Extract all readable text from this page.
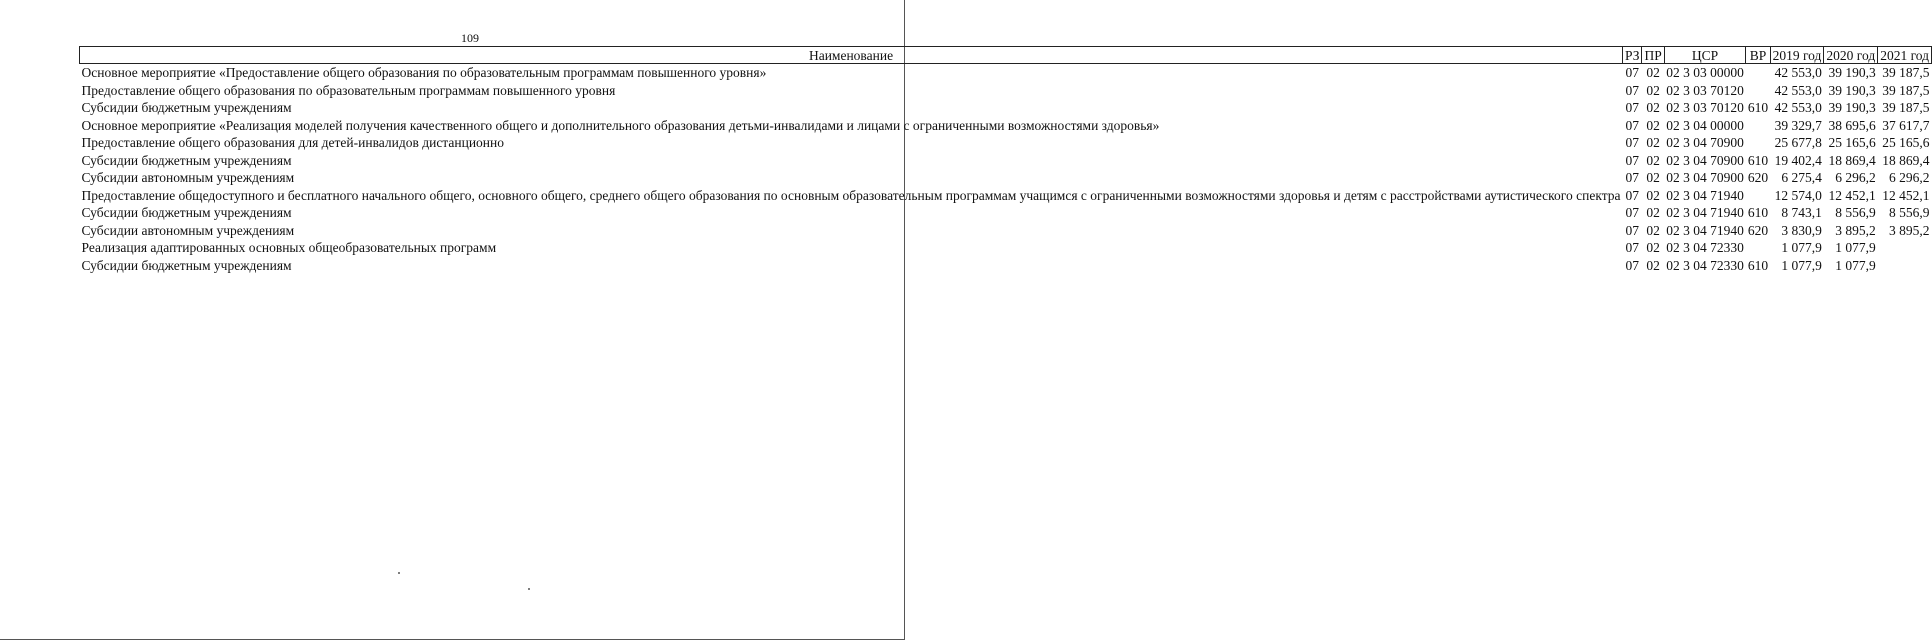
109
Наименование	РЗ	ПР	ЦСР	ВР	2019 год	2020 год	2021 год
Основное мероприятие «Предоставление общего образования по образовательным программам повышенного уровня»	07	02	02 3 03 00000		42 553,0	39 190,3	39 187,5
Предоставление общего образования по образовательным программам повышенного уровня	07	02	02 3 03 70120		42 553,0	39 190,3	39 187,5
Субсидии бюджетным учреждениям	07	02	02 3 03 70120	610	42 553,0	39 190,3	39 187,5
Основное мероприятие «Реализация моделей получения качественного общего и дополнительного образования детьми-инвалидами и лицами с ограниченными возможностями здоровья»	07	02	02 3 04 00000		39 329,7	38 695,6	37 617,7
Предоставление общего образования для детей-инвалидов дистанционно	07	02	02 3 04 70900		25 677,8	25 165,6	25 165,6
Субсидии бюджетным учреждениям	07	02	02 3 04 70900	610	19 402,4	18 869,4	18 869,4
Субсидии автономным учреждениям	07	02	02 3 04 70900	620	6 275,4	6 296,2	6 296,2
Предоставление общедоступного и бесплатного начального общего, основного общего, среднего общего образования по основным образовательным программам учащимся с ограниченными возможностями здоровья и детям с расстройствами аутистического спектра	07	02	02 3 04 71940		12 574,0	12 452,1	12 452,1
Субсидии бюджетным учреждениям	07	02	02 3 04 71940	610	8 743,1	8 556,9	8 556,9
Субсидии автономным учреждениям	07	02	02 3 04 71940	620	3 830,9	3 895,2	3 895,2
Реализация адаптированных основных общеобразовательных программ	07	02	02 3 04 72330		1 077,9	1 077,9	
Субсидии бюджетным учреждениям	07	02	02 3 04 72330	610	1 077,9	1 077,9	
